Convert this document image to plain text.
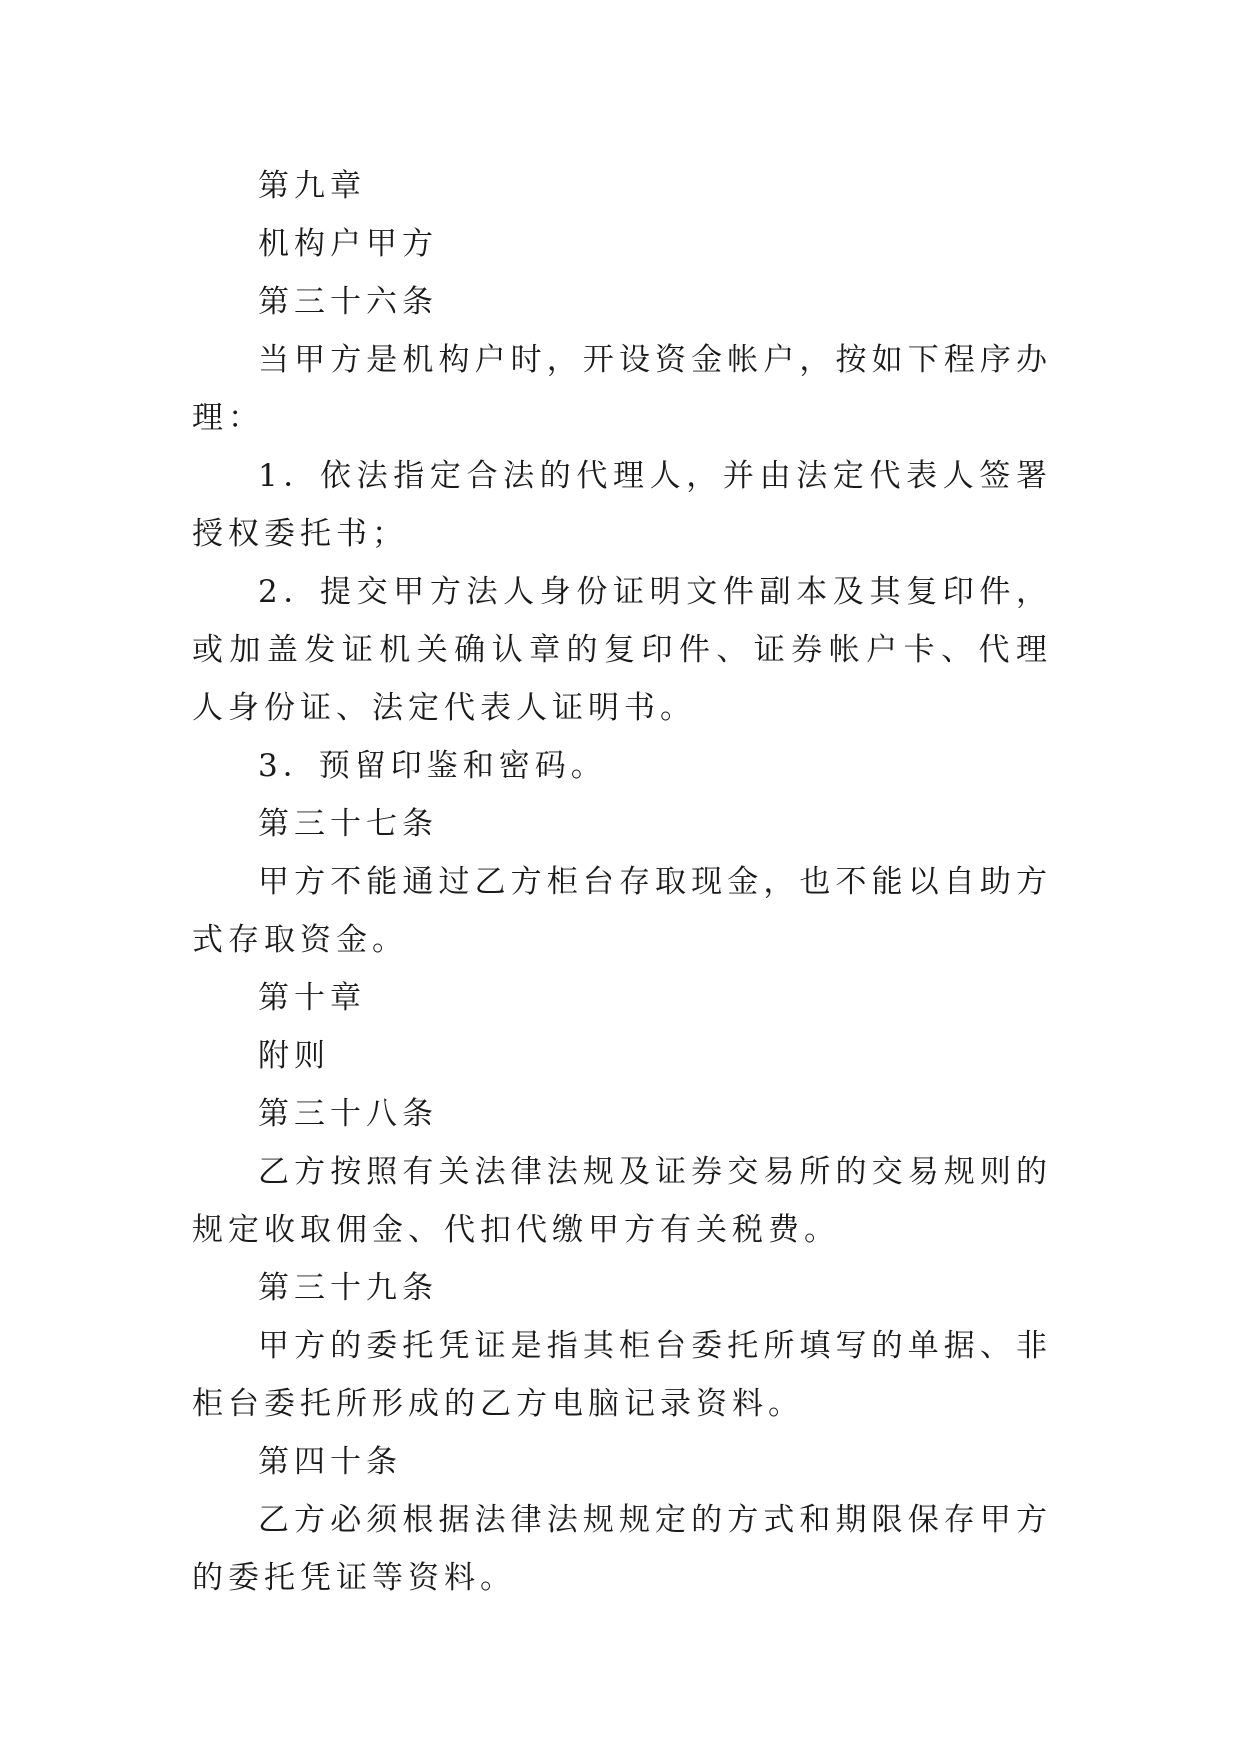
第九章

机构户甲方

第三十六条

当甲方是机构户时，开设资金帐户，按如下程序办理：

1．依法指定合法的代理人，并由法定代表人签署授权委托书；

2．提交甲方法人身份证明文件副本及其复印件，或加盖发证机关确认章的复印件、证券帐户卡、代理人身份证、法定代表人证明书。

3．预留印鉴和密码。

第三十七条

甲方不能通过乙方柜台存取现金，也不能以自助方式存取资金。

第十章

附则

第三十八条

乙方按照有关法律法规及证券交易所的交易规则的规定收取佣金、代扣代缴甲方有关税费。

第三十九条

甲方的委托凭证是指其柜台委托所填写的单据、非柜台委托所形成的乙方电脑记录资料。

第四十条

乙方必须根据法律法规规定的方式和期限保存甲方的委托凭证等资料。
